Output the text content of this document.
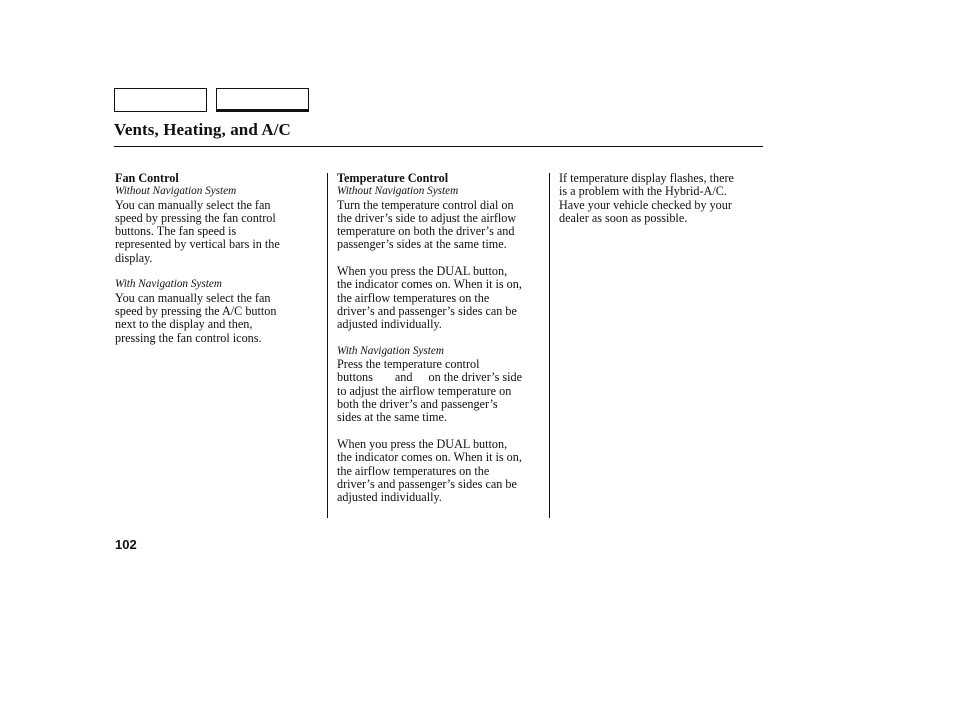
Vents, Heating, and A/C
Fan Control
Without Navigation System
You can manually select the fan
speed by pressing the fan control
buttons. The fan speed is
represented by vertical bars in the
display.
With Navigation System
You can manually select the fan
speed by pressing the A/C button
next to the display and then,
pressing the fan control icons.
Temperature Control
Without Navigation System
Turn the temperature control dial on
the driver’s side to adjust the airflow
temperature on both the driver’s and
passenger’s sides at the same time.
When you press the DUAL button,
the indicator comes on. When it is on,
the airflow temperatures on the
driver’s and passenger’s sides can be
adjusted individually.
With Navigation System
Press the temperature control
buttons and on the driver’s side
to adjust the airflow temperature on
both the driver’s and passenger’s
sides at the same time.
When you press the DUAL button,
the indicator comes on. When it is on,
the airflow temperatures on the
driver’s and passenger’s sides can be
adjusted individually.
If temperature display flashes, there
is a problem with the Hybrid-A/C.
Have your vehicle checked by your
dealer as soon as possible.
102
